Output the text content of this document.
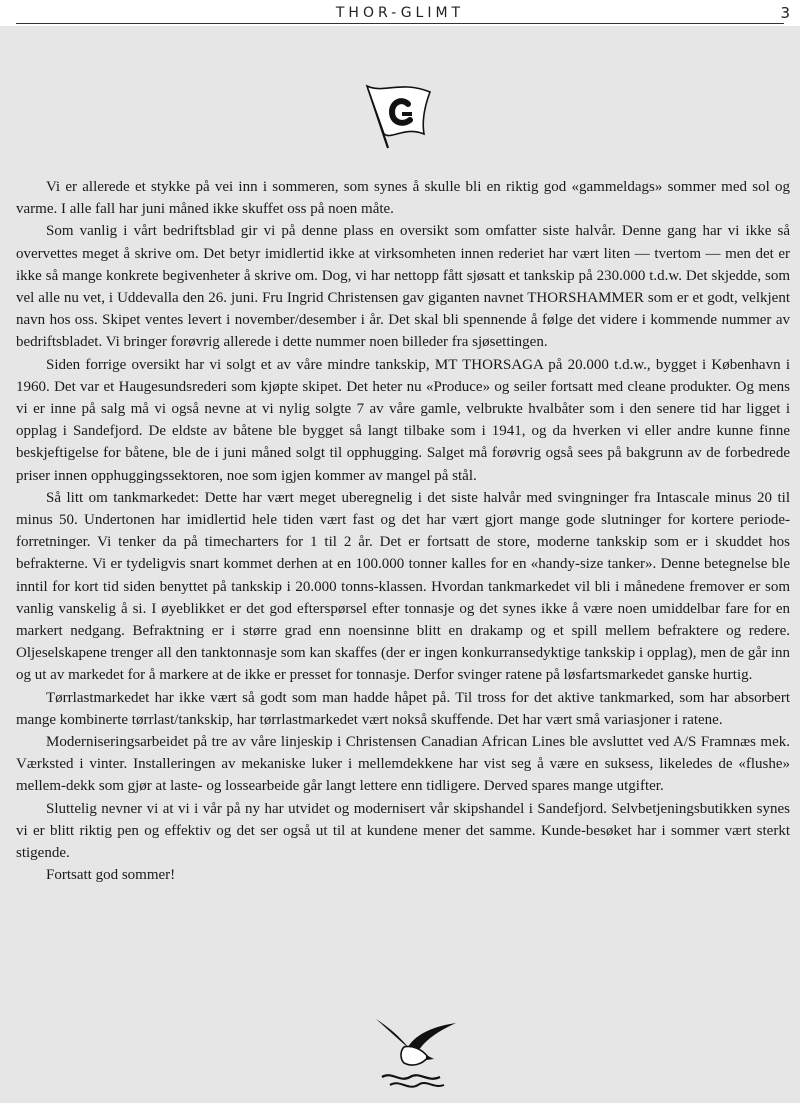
THOR-GLIMT	3

Vi er allerede et stykke på vei inn i sommeren, som synes å skulle bli en riktig god «gammeldags» sommer med sol og varme. I alle fall har juni måned ikke skuffet oss på noen måte.

Som vanlig i vårt bedriftsblad gir vi på denne plass en oversikt som omfatter siste halvår. Denne gang har vi ikke så overvettes meget å skrive om. Det betyr imidlertid ikke at virksomheten innen rederiet har vært liten — tvertom — men det er ikke så mange konkrete begivenheter å skrive om. Dog, vi har nettopp fått sjøsatt et tankskip på 230.000 t.d.w. Det skjedde, som vel alle nu vet, i Uddevalla den 26. juni. Fru Ingrid Christensen gav giganten navnet THORSHAMMER som er et godt, velkjent navn hos oss. Skipet ventes levert i november/desember i år. Det skal bli spennende å følge det videre i kommende nummer av bedriftsbladet. Vi bringer forøvrig allerede i dette nummer noen billeder fra sjøsettingen.

Siden forrige oversikt har vi solgt et av våre mindre tankskip, MT THORSAGA på 20.000 t.d.w., bygget i København i 1960. Det var et Haugesundsrederi som kjøpte skipet. Det heter nu «Produce» og seiler fortsatt med cleane produkter. Og mens vi er inne på salg må vi også nevne at vi nylig solgte 7 av våre gamle, velbrukte hvalbåter som i den senere tid har ligget i opplag i Sandefjord. De eldste av båtene ble bygget så langt tilbake som i 1941, og da hverken vi eller andre kunne finne beskjeftigelse for båtene, ble de i juni måned solgt til opphugging. Salget må forøvrig også sees på bakgrunn av de forbedrede priser innen opphuggingssektoren, noe som igjen kommer av mangel på stål.

Så litt om tankmarkedet: Dette har vært meget uberegnelig i det siste halvår med svingninger fra Intascale minus 20 til minus 50. Undertonen har imidlertid hele tiden vært fast og det har vært gjort mange gode slutninger for kortere periode-forretninger. Vi tenker da på timecharters for 1 til 2 år. Det er fortsatt de store, moderne tankskip som er i skuddet hos befrakterne. Vi er tydeligvis snart kommet derhen at en 100.000 tonner kalles for en «handy-size tanker». Denne betegnelse ble inntil for kort tid siden benyttet på tankskip i 20.000 tonns-klassen. Hvordan tankmarkedet vil bli i månedene fremover er som vanlig vanskelig å si. I øyeblikket er det god efterspørsel efter tonnasje og det synes ikke å være noen umiddelbar fare for en markert nedgang. Befraktning er i større grad enn noensinne blitt en drakamp og et spill mellem befraktere og redere. Oljeselskapene trenger all den tanktonnasje som kan skaffes (der er ingen konkurransedyktige tankskip i opplag), men de går inn og ut av markedet for å markere at de ikke er presset for tonnasje. Derfor svinger ratene på løsfartsmarkedet ganske hurtig.

Tørrlastmarkedet har ikke vært så godt som man hadde håpet på. Til tross for det aktive tankmarked, som har absorbert mange kombinerte tørrlast/tankskip, har tørrlastmarkedet vært nokså skuffende. Det har vært små variasjoner i ratene.

Moderniseringsarbeidet på tre av våre linjeskip i Christensen Canadian African Lines ble avsluttet ved A/S Framnæs mek. Værksted i vinter. Installeringen av mekaniske luker i mellemdekkene har vist seg å være en suksess, likeledes de «flushe» mellem-dekk som gjør at laste- og lossearbeide går langt lettere enn tidligere. Derved spares mange utgifter.

Sluttelig nevner vi at vi i vår på ny har utvidet og modernisert vår skipshandel i Sandefjord. Selvbetjeningsbutikken synes vi er blitt riktig pen og effektiv og det ser også ut til at kundene mener det samme. Kunde-besøket har i sommer vært sterkt stigende.

Fortsatt god sommer!
